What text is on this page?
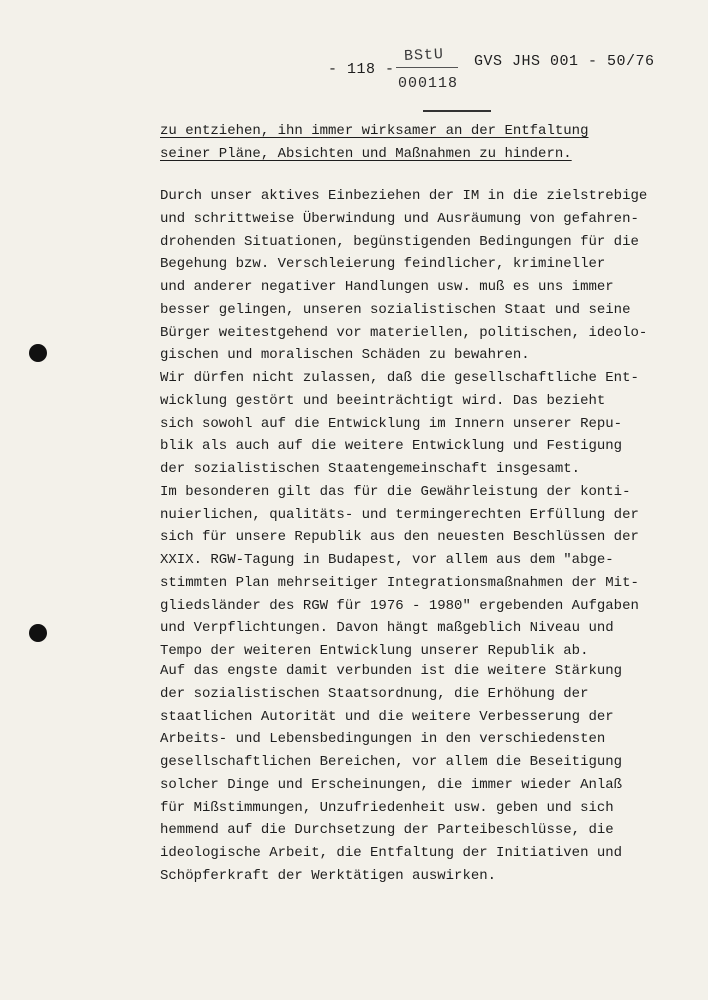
- 118 -
BStU
000118
GVS JHS 001 - 50/76
zu entziehen, ihn immer wirksamer an der Entfaltung
seiner Pläne, Absichten und Maßnahmen zu hindern.
Durch unser aktives Einbeziehen der IM in die zielstrebige
und schrittweise Überwindung und Ausräumung von gefahren-
drohenden Situationen, begünstigenden Bedingungen für die
Begehung bzw. Verschleierung feindlicher, krimineller
und anderer negativer Handlungen usw. muß es uns immer
besser gelingen, unseren sozialistischen Staat und seine
Bürger weitestgehend vor materiellen, politischen, ideolo-
gischen und moralischen Schäden zu bewahren.
Wir dürfen nicht zulassen, daß die gesellschaftliche Ent-
wicklung gestört und beeinträchtigt wird. Das bezieht
sich sowohl auf die Entwicklung im Innern unserer Repu-
blik als auch auf die weitere Entwicklung und Festigung
der sozialistischen Staatengemeinschaft insgesamt.
Im besonderen gilt das für die Gewährleistung der konti-
nuierlichen, qualitäts- und termingerechten Erfüllung der
sich für unsere Republik aus den neuesten Beschlüssen der
XXIX. RGW-Tagung in Budapest, vor allem aus dem "abge-
stimmten Plan mehrseitiger Integrationsmaßnahmen der Mit-
gliedsländer des RGW für 1976 - 1980" ergebenden Aufgaben
und Verpflichtungen. Davon hängt maßgeblich Niveau und
Tempo der weiteren Entwicklung unserer Republik ab.
Auf das engste damit verbunden ist die weitere Stärkung
der sozialistischen Staatsordnung, die Erhöhung der
staatlichen Autorität und die weitere Verbesserung der
Arbeits- und Lebensbedingungen in den verschiedensten
gesellschaftlichen Bereichen, vor allem die Beseitigung
solcher Dinge und Erscheinungen, die immer wieder Anlaß
für Mißstimmungen, Unzufriedenheit usw. geben und sich
hemmend auf die Durchsetzung der Parteibeschlüsse, die
ideologische Arbeit, die Entfaltung der Initiativen und
Schöpferkraft der Werktätigen auswirken.
